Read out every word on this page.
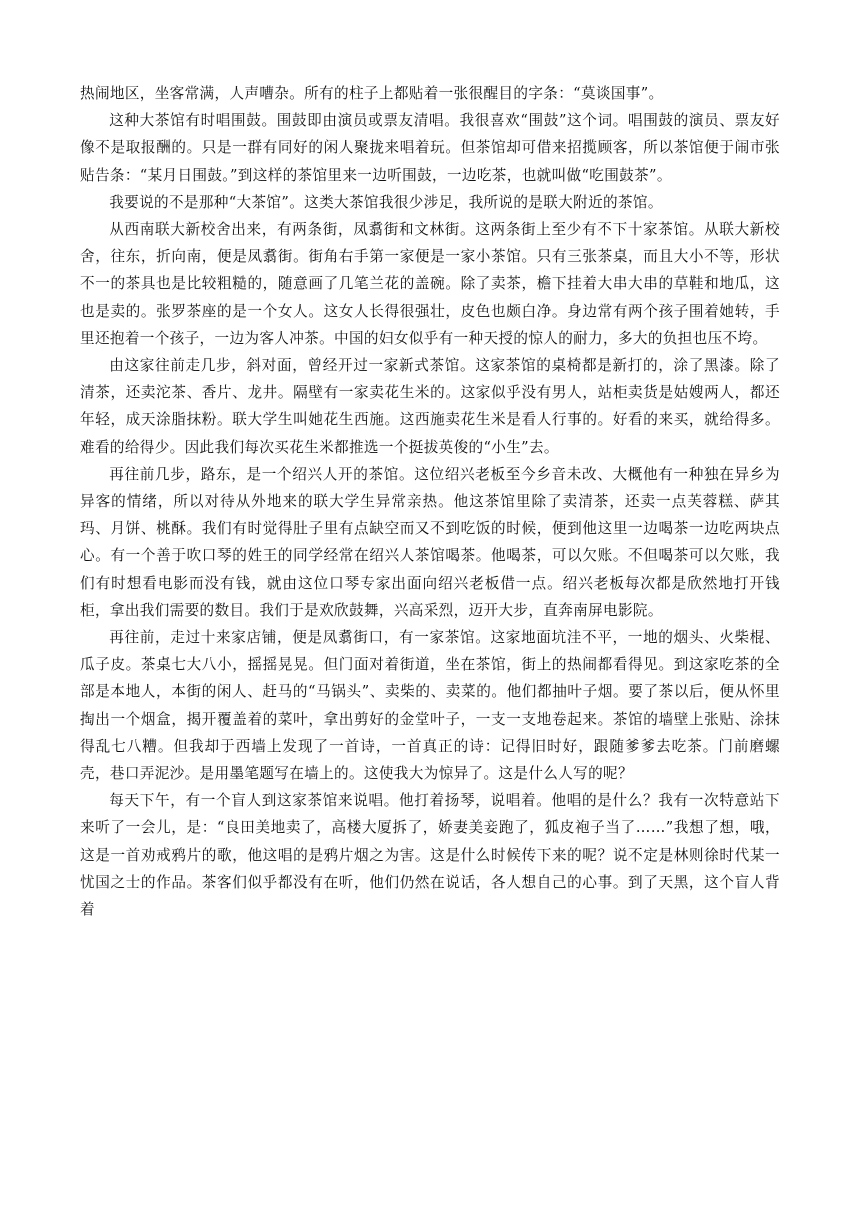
热闹地区，坐客常满，人声嘈杂。所有的柱子上都贴着一张很醒目的字条：“莫谈国事”。

这种大茶馆有时唱围鼓。围鼓即由演员或票友清唱。我很喜欢“围鼓”这个词。唱围鼓的演员、票友好像不是取报酬的。只是一群有同好的闲人聚拢来唱着玩。但茶馆却可借来招揽顾客，所以茶馆便于闹市张贴告条：“某月日围鼓。”到这样的茶馆里来一边听围鼓，一边吃茶，也就叫做“吃围鼓茶”。

我要说的不是那种“大茶馆”。这类大茶馆我很少涉足，我所说的是联大附近的茶馆。

从西南联大新校舍出来，有两条街，凤翥街和文林街。这两条街上至少有不下十家茶馆。从联大新校舍，往东，折向南，便是凤翥街。街角右手第一家便是一家小茶馆。只有三张茶桌，而且大小不等，形状不一的茶具也是比较粗糙的，随意画了几笔兰花的盖碗。除了卖茶，檐下挂着大串大串的草鞋和地瓜，这也是卖的。张罗茶座的是一个女人。这女人长得很强壮，皮色也颇白净。身边常有两个孩子围着她转，手里还抱着一个孩子，一边为客人冲茶。中国的妇女似乎有一种天授的惊人的耐力，多大的负担也压不垮。

由这家往前走几步，斜对面，曾经开过一家新式茶馆。这家茶馆的桌椅都是新打的，涂了黑漆。除了清茶，还卖沱茶、香片、龙井。隔壁有一家卖花生米的。这家似乎没有男人，站柜卖货是姑嫂两人，都还年轻，成天涂脂抹粉。联大学生叫她花生西施。这西施卖花生米是看人行事的。好看的来买，就给得多。难看的给得少。因此我们每次买花生米都推选一个挺拔英俊的“小生”去。

再往前几步，路东，是一个绍兴人开的茶馆。这位绍兴老板至今乡音未改、大概他有一种独在异乡为异客的情绪，所以对待从外地来的联大学生异常亲热。他这茶馆里除了卖清茶，还卖一点芙蓉糕、萨其玛、月饼、桃酥。我们有时觉得肚子里有点缺空而又不到吃饭的时候，便到他这里一边喝茶一边吃两块点心。有一个善于吹口琴的姓王的同学经常在绍兴人茶馆喝茶。他喝茶，可以欠账。不但喝茶可以欠账，我们有时想看电影而没有钱，就由这位口琴专家出面向绍兴老板借一点。绍兴老板每次都是欣然地打开钱柜，拿出我们需要的数目。我们于是欢欣鼓舞，兴高采烈，迈开大步，直奔南屏电影院。

再往前，走过十来家店铺，便是凤翥街口，有一家茶馆。这家地面坑洼不平，一地的烟头、火柴棍、瓜子皮。茶桌七大八小，摇摇晃晃。但门面对着街道，坐在茶馆，街上的热闹都看得见。到这家吃茶的全部是本地人，本街的闲人、赶马的“马锅头”、卖柴的、卖菜的。他们都抽叶子烟。要了茶以后，便从怀里掏出一个烟盒，揭开覆盖着的菜叶，拿出剪好的金堂叶子，一支一支地卷起来。茶馆的墙壁上张贴、涂抹得乱七八糟。但我却于西墙上发现了一首诗，一首真正的诗：记得旧时好，跟随爹爹去吃茶。门前磨螺壳，巷口弄泥沙。是用墨笔题写在墙上的。这使我大为惊异了。这是什么人写的呢？

每天下午，有一个盲人到这家茶馆来说唱。他打着扬琴，说唱着。他唱的是什么？我有一次特意站下来听了一会儿，是：“良田美地卖了，高楼大厦拆了，娇妻美妾跑了，狐皮袍子当了……”我想了想，哦，这是一首劝戒鸦片的歌，他这唱的是鸦片烟之为害。这是什么时候传下来的呢？说不定是林则徐时代某一忧国之士的作品。茶客们似乎都没有在听，他们仍然在说话，各人想自己的心事。到了天黑，这个盲人背着
